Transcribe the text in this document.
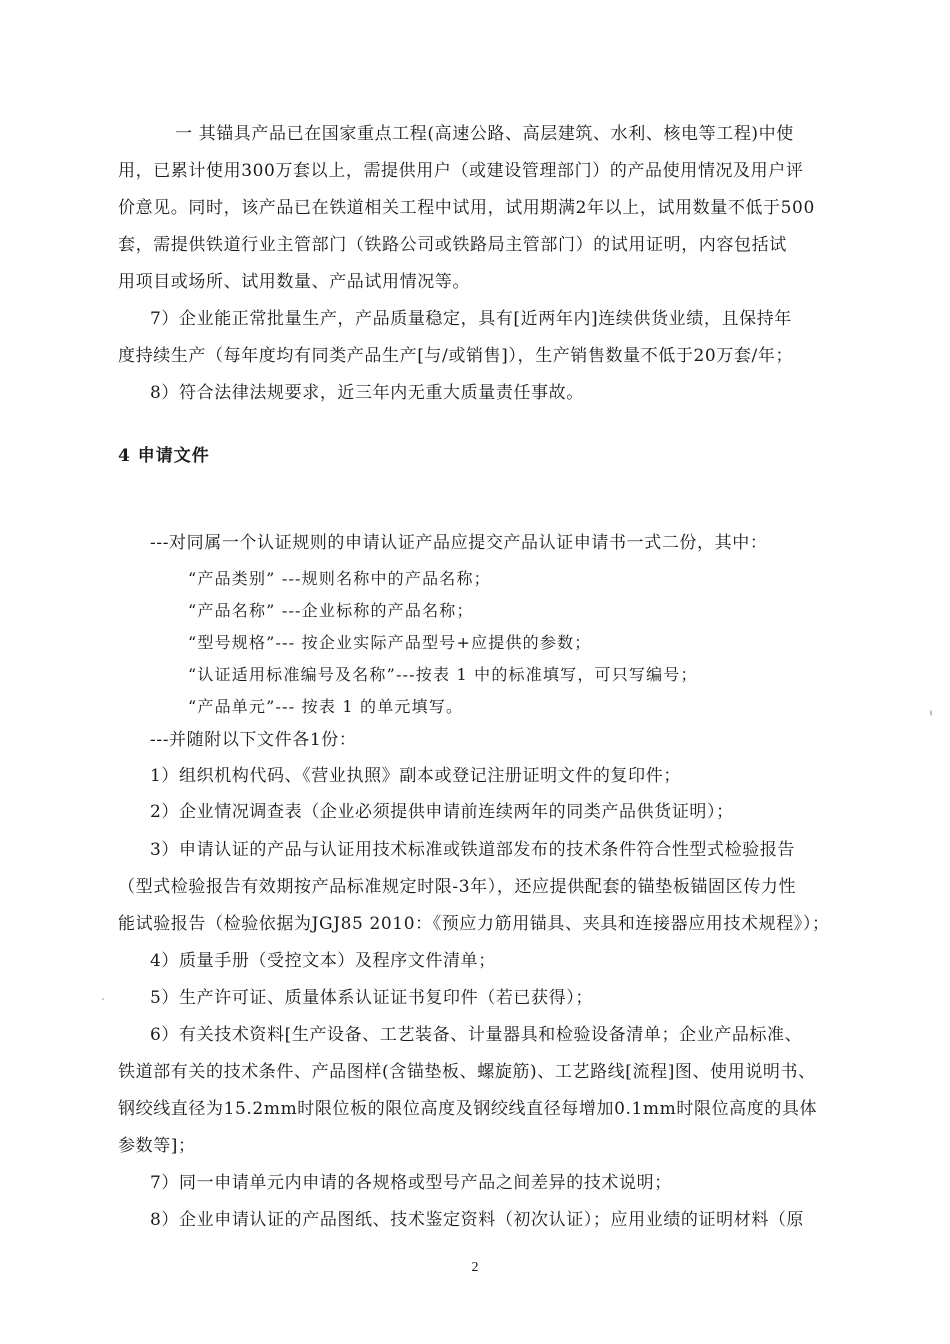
一 其锚具产品已在国家重点工程(高速公路、高层建筑、水利、核电等工程)中使
用，已累计使用300万套以上，需提供用户（或建设管理部门）的产品使用情况及用户评
价意见。同时，该产品已在铁道相关工程中试用，试用期满2年以上，试用数量不低于500
套，需提供铁道行业主管部门（铁路公司或铁路局主管部门）的试用证明，内容包括试
用项目或场所、试用数量、产品试用情况等。
7）企业能正常批量生产，产品质量稳定，具有[近两年内]连续供货业绩，且保持年
度持续生产（每年度均有同类产品生产[与/或销售]），生产销售数量不低于20万套/年；
8）符合法律法规要求，近三年内无重大质量责任事故。
4 申请文件
---对同属一个认证规则的申请认证产品应提交产品认证申请书一式二份，其中：
“产品类别” ---规则名称中的产品名称；
“产品名称” ---企业标称的产品名称；
“型号规格”--- 按企业实际产品型号+应提供的参数；
“认证适用标准编号及名称”---按表 1 中的标准填写，可只写编号；
“产品单元”--- 按表 1 的单元填写。
---并随附以下文件各1份：
1）组织机构代码、《营业执照》副本或登记注册证明文件的复印件；
2）企业情况调查表（企业必须提供申请前连续两年的同类产品供货证明）；
3）申请认证的产品与认证用技术标准或铁道部发布的技术条件符合性型式检验报告
（型式检验报告有效期按产品标准规定时限-3年），还应提供配套的锚垫板锚固区传力性
能试验报告（检验依据为JGJ85 2010：《预应力筋用锚具、夹具和连接器应用技术规程》）；
4）质量手册（受控文本）及程序文件清单；
5）生产许可证、质量体系认证证书复印件（若已获得）；
6）有关技术资料[生产设备、工艺装备、计量器具和检验设备清单；企业产品标准、
铁道部有关的技术条件、产品图样(含锚垫板、螺旋筋)、工艺路线[流程]图、使用说明书、
钢绞线直径为15.2mm时限位板的限位高度及钢绞线直径每增加0.1mm时限位高度的具体
参数等]；
7）同一申请单元内申请的各规格或型号产品之间差异的技术说明；
8）企业申请认证的产品图纸、技术鉴定资料（初次认证）；应用业绩的证明材料（原
2
